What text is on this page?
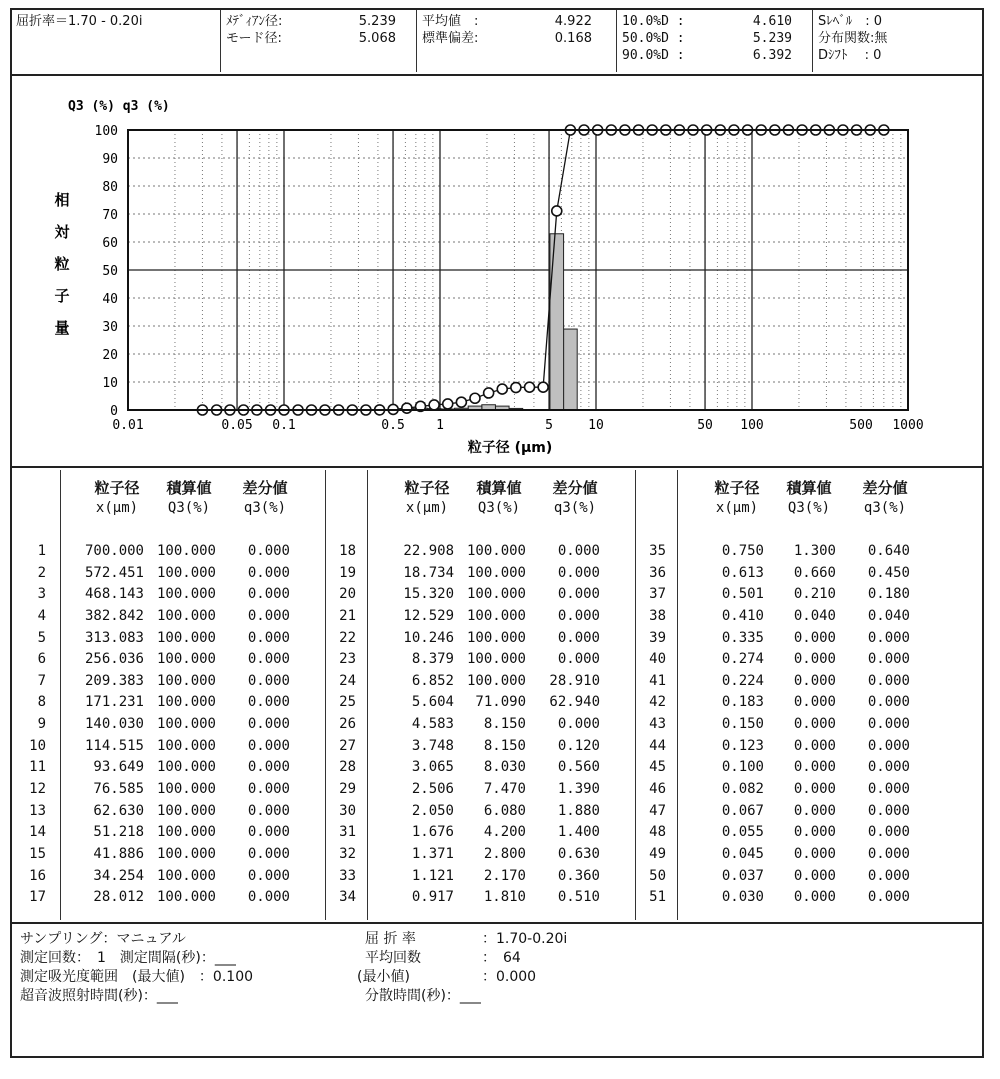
屈折率＝1.70 - 0.20i	ﾒﾃﾞｨｱﾝ径:	5.239
モード径:	5.068
平均値　:	4.922
標準偏差:	0.168
10.0%D :	4.610
50.0%D :	5.239
90.0%D :	6.392
Sﾚﾍﾞﾙ　: 0
分布関数:無
Dｼﾌﾄ　 : 0
Q3 (%) q3 (%)
相
対
粒
子
量
粒子径 (μm)
0
10
20
30
40
50
60
70
80
90
100
0.01	0.05 0.1	0.5 1	5	10	50 100	500 1000
粒子径
x(μm)
積算値
Q3(%)
差分値
q3(%)
1	700.000 100.000	0.000
2	572.451 100.000	0.000
3	468.143 100.000	0.000
4	382.842 100.000	0.000
5	313.083 100.000	0.000
6	256.036 100.000	0.000
7	209.383 100.000	0.000
8	171.231 100.000	0.000
9	140.030 100.000	0.000
10	114.515 100.000	0.000
11	93.649 100.000	0.000
12	76.585 100.000	0.000
13	62.630 100.000	0.000
14	51.218 100.000	0.000
15	41.886 100.000	0.000
16	34.254 100.000	0.000
17	28.012 100.000	0.000
粒子径
x(μm)
積算値
Q3(%)
差分値
q3(%)
18	22.908 100.000	0.000
19	18.734 100.000	0.000
20	15.320 100.000	0.000
21	12.529 100.000	0.000
22	10.246 100.000	0.000
23	8.379 100.000	0.000
24	6.852 100.000	28.910
25	5.604	71.090	62.940
26	4.583	8.150	0.000
27	3.748	8.150	0.120
28	3.065	8.030	0.560
29	2.506	7.470	1.390
30	2.050	6.080	1.880
31	1.676	4.200	1.400
32	1.371	2.800	0.630
33	1.121	2.170	0.360
34	0.917	1.810	0.510
粒子径
x(μm)
積算値
Q3(%)
差分値
q3(%)
35	0.750	1.300	0.640
36	0.613	0.660	0.450
37	0.501	0.210	0.180
38	0.410	0.040	0.040
39	0.335	0.000	0.000
40	0.274	0.000	0.000
41	0.224	0.000	0.000
42	0.183	0.000	0.000
43	0.150	0.000	0.000
44	0.123	0.000	0.000
45	0.100	0.000	0.000
46	0.082	0.000	0.000
47	0.067	0.000	0.000
48	0.055	0.000	0.000
49	0.045	0.000	0.000
50	0.037	0.000	0.000
51	0.030	0.000	0.000
サンプリング：マニュアル
測定回数：　1　測定間隔(秒)：___
測定吸光度範囲　(最大値)　：0.100
超音波照射時間(秒)：___
屈 折 率	：1.70-0.20i
平均回数	：　64
(最小値)	：0.000
分散時間(秒)：___
